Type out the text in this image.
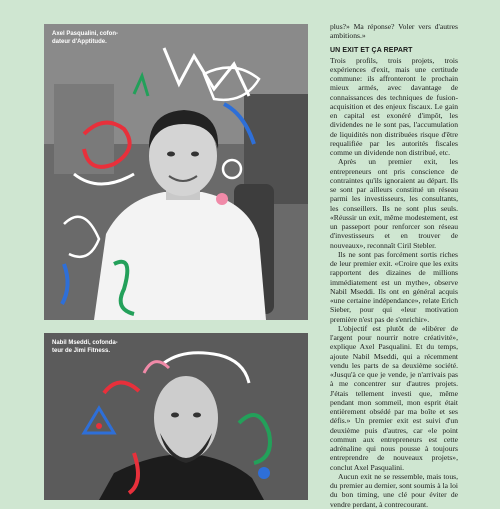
Axel Pasqualini, cofon-dateur d'Apptitude.
Nabil Mseddi, cofonda-teur de Jimi Fitness.

plus?» Ma réponse? Voler vers d'autres ambitions.»

UN EXIT ET ÇA REPART

Trois profils, trois projets, trois expériences d'exit, mais une certitude commune: ils affronteront le prochain mieux armés, avec davantage de connaissances des techniques de fusion-acquisition et des enjeux fiscaux. Le gain en capital est exonéré d'impôt, les dividendes ne le sont pas, l'accumulation de liquidités non distribuées risque d'être requalifiée par les autorités fiscales comme un dividende non distribué, etc.

Après un premier exit, les entrepreneurs ont pris conscience de contraintes qu'ils ignoraient au départ. Ils se sont par ailleurs constitué un réseau parmi les investisseurs, les consultants, les conseillers. Ils ne sont plus seuls. «Réussir un exit, même modestement, est un passeport pour renforcer son réseau d'investisseurs et en trouver de nouveaux», reconnaît Ciril Stebler.

Ils ne sont pas forcément sortis riches de leur premier exit. «Croire que les exits rapportent des dizaines de millions immédiatement est un mythe», observe Nabil Mseddi. Ils ont en général acquis «une certaine indépendance», relate Erich Sieber, pour qui «leur motivation première n'est pas de s'enrichir».

L'objectif est plutôt de «libérer de l'argent pour nourrir notre créativité», explique Axel Pasqualini. Et du temps, ajoute Nabil Mseddi, qui a récemment vendu les parts de sa deuxième société. «Jusqu'à ce que je vende, je n'arrivais pas à me concentrer sur d'autres projets. J'étais tellement investi que, même pendant mon sommeil, mon esprit était entièrement obsédé par ma boîte et ses défis.» Un premier exit est suivi d'un deuxième puis d'autres, car «le point commun aux entrepreneurs est cette adrénaline qui nous pousse à toujours entreprendre de nouveaux projets», conclut Axel Pasqualini.

Aucun exit ne se ressemble, mais tous, du premier au dernier, sont soumis à la loi du bon timing, une clé pour éviter de vendre perdant, à contrecourant.
